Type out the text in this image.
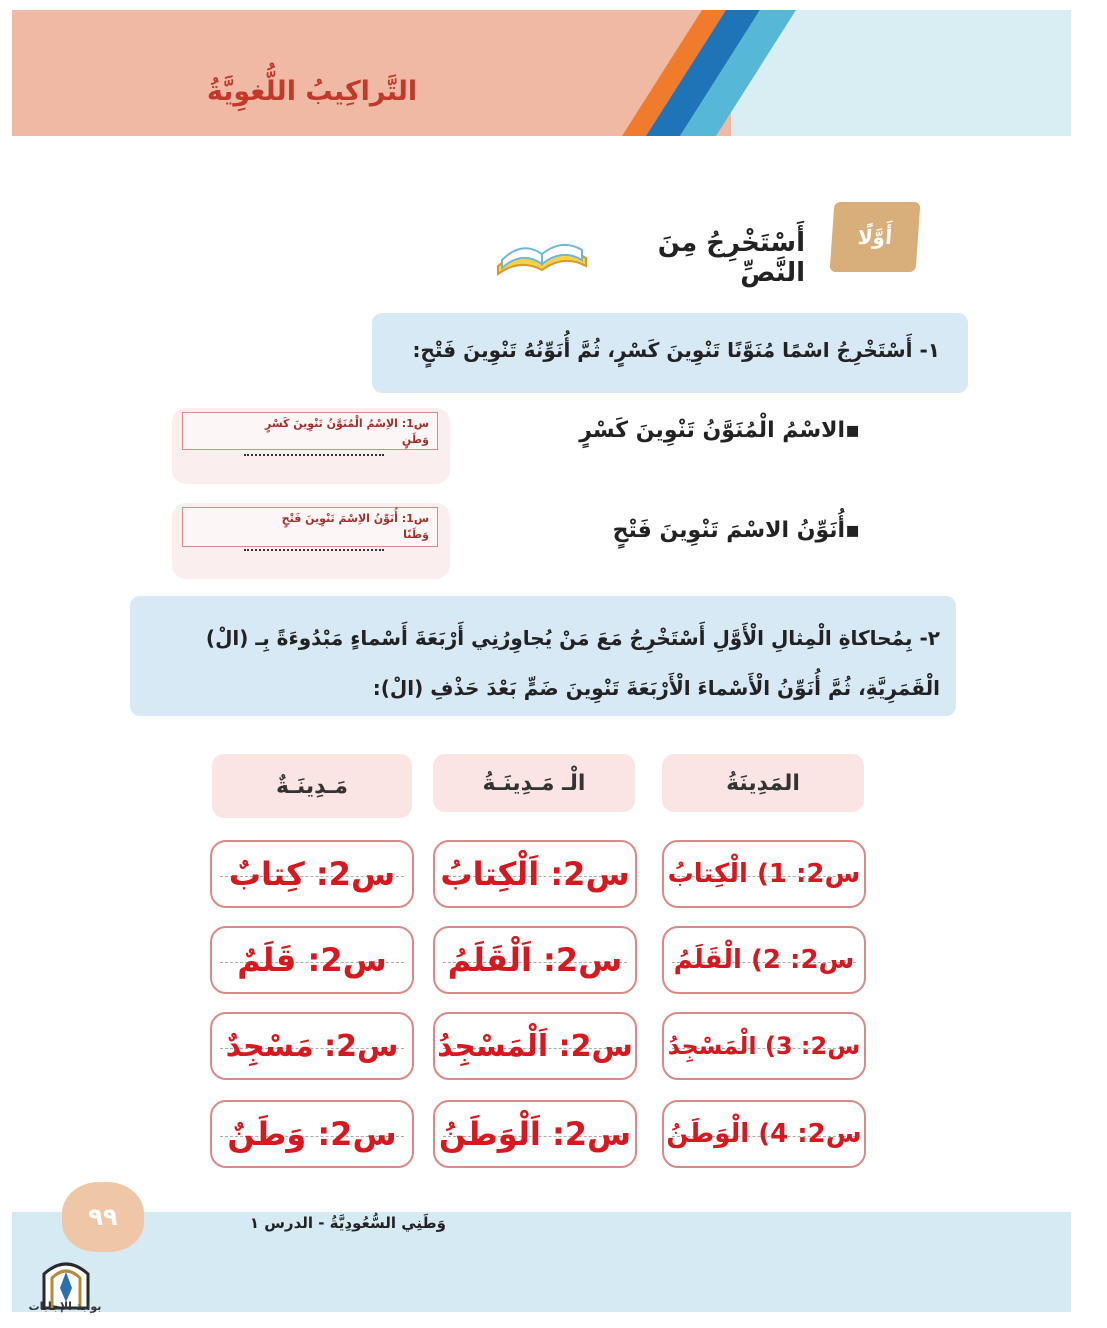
التَّراكِيبُ اللُّغوِيَّةُ
أَوَّلًا
أَسْتَخْرِجُ مِنَ النَّصِّ
١- أَسْتَخْرِجُ اسْمًا مُنَوَّنًا تَنْوِينَ كَسْرٍ، ثُمَّ أُنَوِّنُهُ تَنْوِينَ فَتْحٍ:
▪الاسْمُ الْمُنَوَّنُ تَنْوِينَ كَسْرٍ
س1: الاِسْمُ الْمُنَوَّنُ تَنْوِينَ كَسْرٍ
وَطَنٍ
▪أُنَوِّنُ الاسْمَ تَنْوِينَ فَتْحٍ
س1: أُنَوِّنُ الاِسْمَ تَنْوِينَ فَتْحٍ
وَطَنًا
٢- بِمُحاكاةِ الْمِثالِ الْأَوَّلِ أَسْتَخْرِجُ مَعَ مَنْ يُجاوِرُنِي أَرْبَعَةَ أَسْماءٍ مَبْدُوءَةً بِـ (الْ)
الْقَمَرِيَّةِ، ثُمَّ أُنَوِّنُ الْأَسْماءَ الْأَرْبَعَةَ تَنْوِينَ ضَمٍّ بَعْدَ حَذْفِ (الْ):
المَدِينَةُ
الْـ مَـدِينَـةُ
مَـدِينَـةٌ
س2: 1) الْكِتابُ
س2: اَلْكِتابُ
س2: كِتابٌ
س2: 2) الْقَلَمُ
س2: اَلْقَلَمُ
س2: قَلَمٌ
س2: 3) الْمَسْجِدُ
س2: اَلْمَسْجِدُ
س2: مَسْجِدٌ
س2: 4) الْوَطَنُ
س2: اَلْوَطَنُ
س2: وَطَنٌ
٩٩	وَطَنِي السُّعُودِيَّةُ - الدرس ١
بوابة الإجابات
